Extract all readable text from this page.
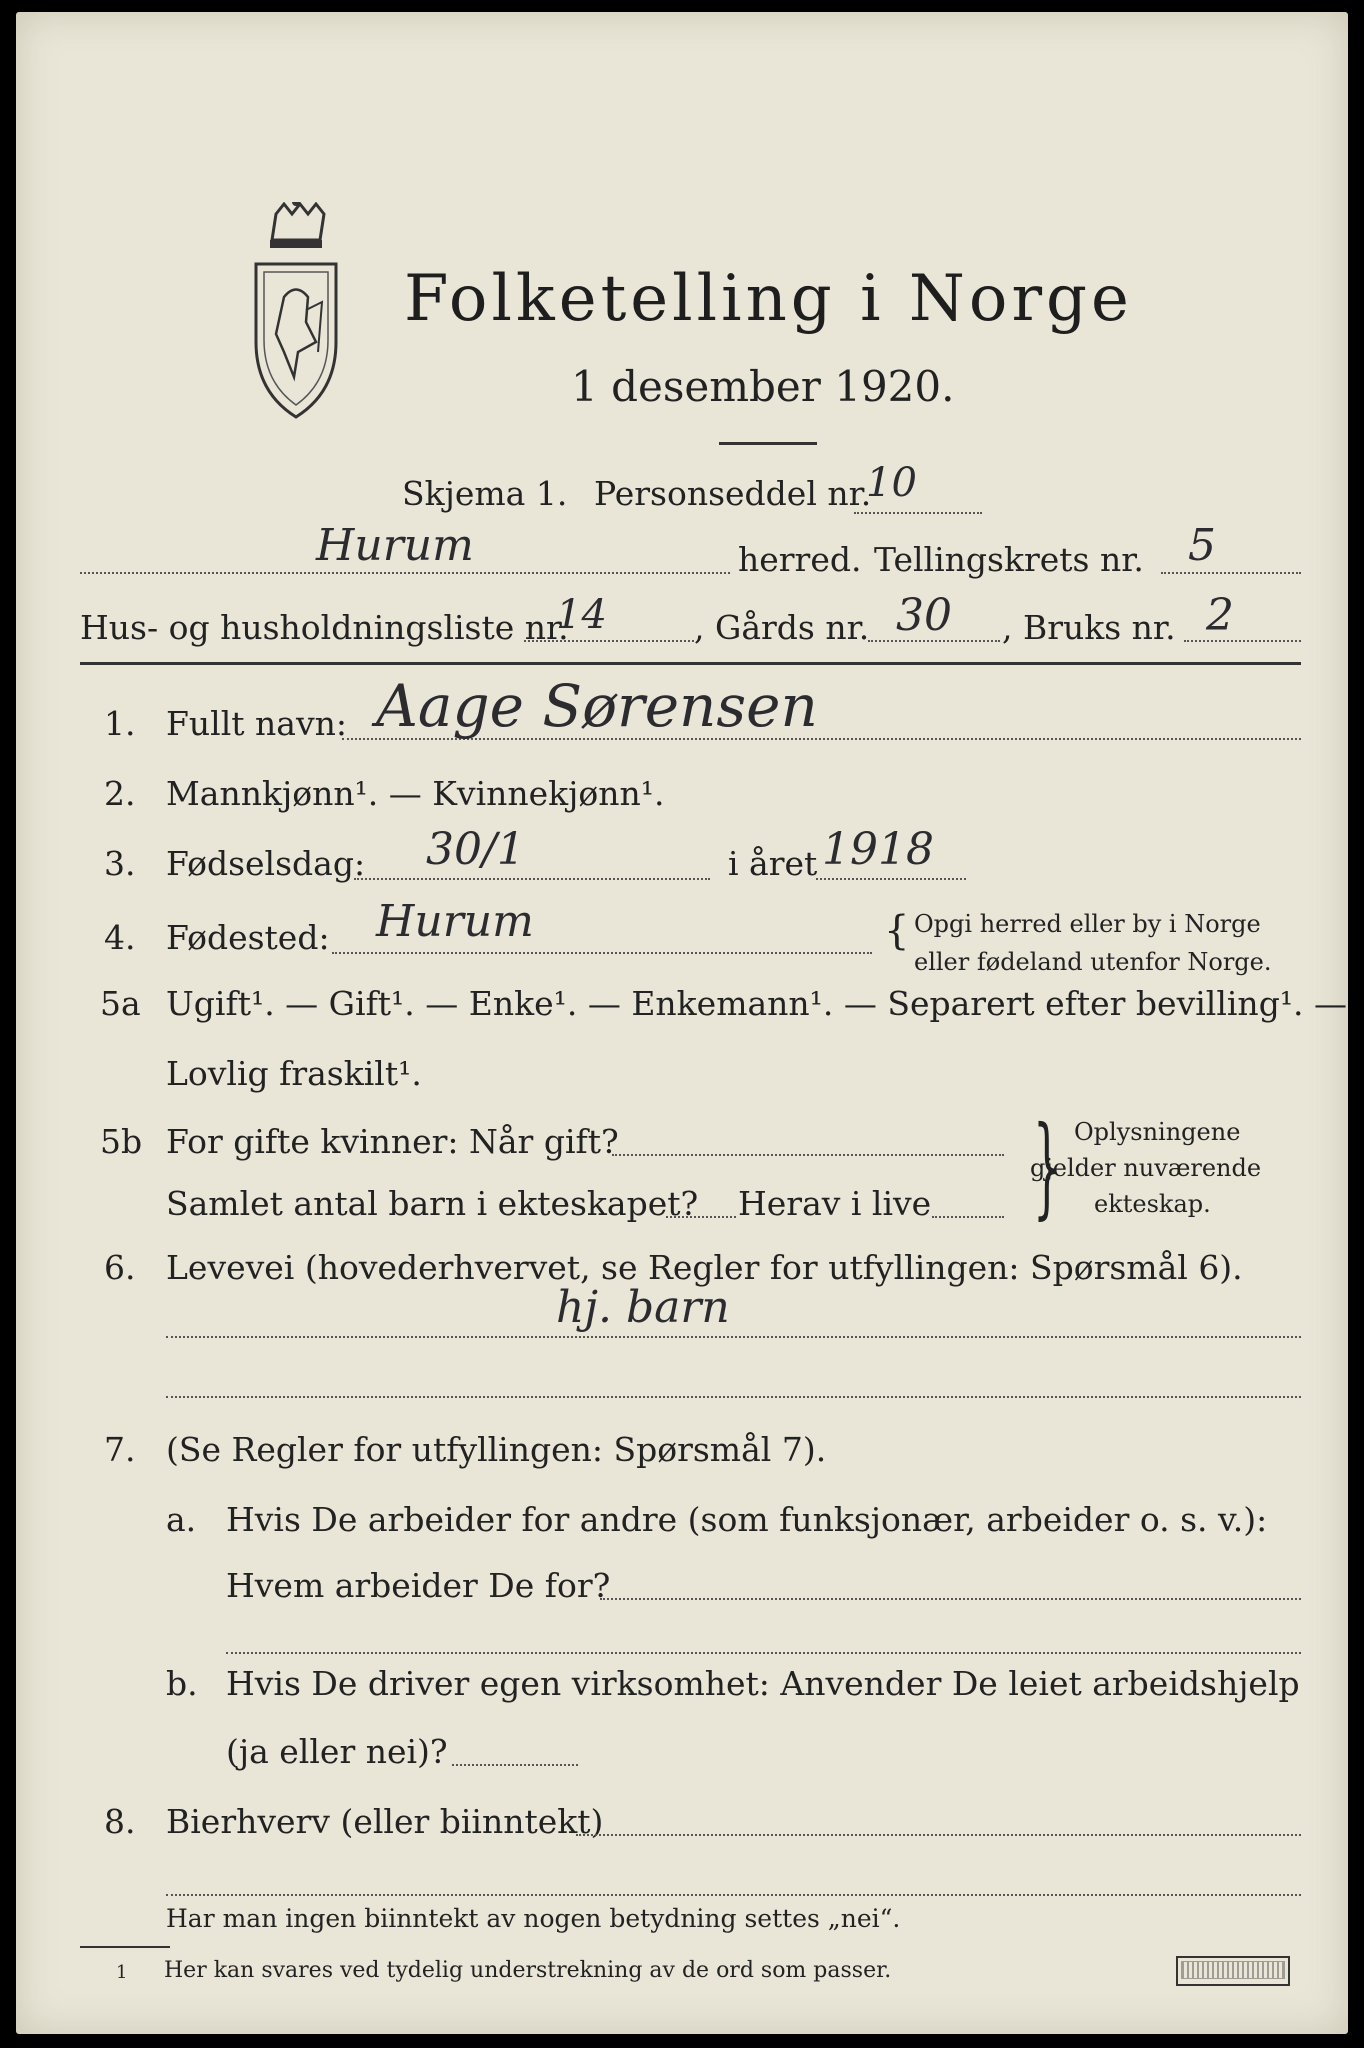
Folketelling i Norge
1 desember 1920.
Skjema 1. Personseddel nr.
10
Hurum	herred. Tellingskrets nr. 5
Hus- og husholdningsliste nr.
14	, Gårds nr. 30 , Bruks nr. 2
1. Fullt navn: Aage Sørensen
2. Mannkjønn¹. — Kvinnekjønn¹.
3. Fødselsdag: 30/1	i året 1918
4. Fødested: Hurum	{ Opgi herred eller by i Norge
eller fødeland utenfor Norge.
5a Ugift¹. — Gift¹. — Enke¹. — Enkemann¹. — Separert efter bevilling¹. —
Lovlig fraskilt¹.
5b For gifte kvinner: Når gift?
Samlet antal barn i ekteskapet? Herav i live } Oplysningene
gjelder nuværende
ekteskap.
6. Levevei (hovederhvervet, se Regler for utfyllingen: Spørsmål 6).
hj. barn
7. (Se Regler for utfyllingen: Spørsmål 7).
a. Hvis De arbeider for andre (som funksjonær, arbeider o. s. v.):
Hvem arbeider De for?
b. Hvis De driver egen virksomhet: Anvender De leiet arbeidshjelp
(ja eller nei)?
8. Bierhverv (eller biinntekt)
Har man ingen biinntekt av nogen betydning settes „nei“.
1 Her kan svares ved tydelig understrekning av de ord som passer.
